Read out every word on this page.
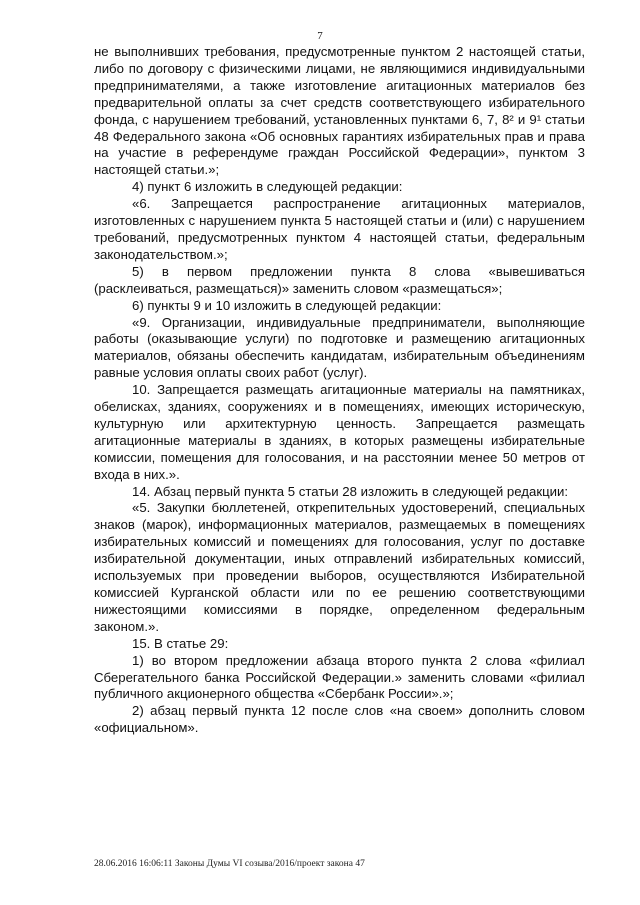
7

не выполнивших требования, предусмотренные пунктом 2 настоящей статьи, либо по договору с физическими лицами, не являющимися индивидуальными предпринимателями, а также изготовление агитационных материалов без предварительной оплаты за счет средств соответствующего избирательного фонда, с нарушением требований, установленных пунктами 6, 7, 8² и 9¹ статьи 48 Федерального закона «Об основных гарантиях избирательных прав и права на участие в референдуме граждан Российской Федерации», пунктом 3 настоящей статьи.»;

4) пункт 6 изложить в следующей редакции:

«6. Запрещается распространение агитационных материалов, изготовленных с нарушением пункта 5 настоящей статьи и (или) с нарушением требований, предусмотренных пунктом 4 настоящей статьи, федеральным законодательством.»;

5) в первом предложении пункта 8 слова «вывешиваться (расклеиваться, размещаться)» заменить словом «размещаться»;

6) пункты 9 и 10 изложить в следующей редакции:

«9. Организации, индивидуальные предприниматели, выполняющие работы (оказывающие услуги) по подготовке и размещению агитационных материалов, обязаны обеспечить кандидатам, избирательным объединениям равные условия оплаты своих работ (услуг).

10. Запрещается размещать агитационные материалы на памятниках, обелисках, зданиях, сооружениях и в помещениях, имеющих историческую, культурную или архитектурную ценность. Запрещается размещать агитационные материалы в зданиях, в которых размещены избирательные комиссии, помещения для голосования, и на расстоянии менее 50 метров от входа в них.».

14. Абзац первый пункта 5 статьи 28 изложить в следующей редакции:

«5. Закупки бюллетеней, открепительных удостоверений, специальных знаков (марок), информационных материалов, размещаемых в помещениях избирательных комиссий и помещениях для голосования, услуг по доставке избирательной документации, иных отправлений избирательных комиссий, используемых при проведении выборов, осуществляются Избирательной комиссией Курганской области или по ее решению соответствующими нижестоящими комиссиями в порядке, определенном федеральным законом.».

15. В статье 29:

1) во втором предложении абзаца второго пункта 2 слова «филиал Сберегательного банка Российской Федерации.» заменить словами «филиал публичного акционерного общества «Сбербанк России».»;

2) абзац первый пункта 12 после слов «на своем» дополнить словом «официальном».

28.06.2016 16:06:11 Законы Думы VI созыва/2016/проект закона 47
